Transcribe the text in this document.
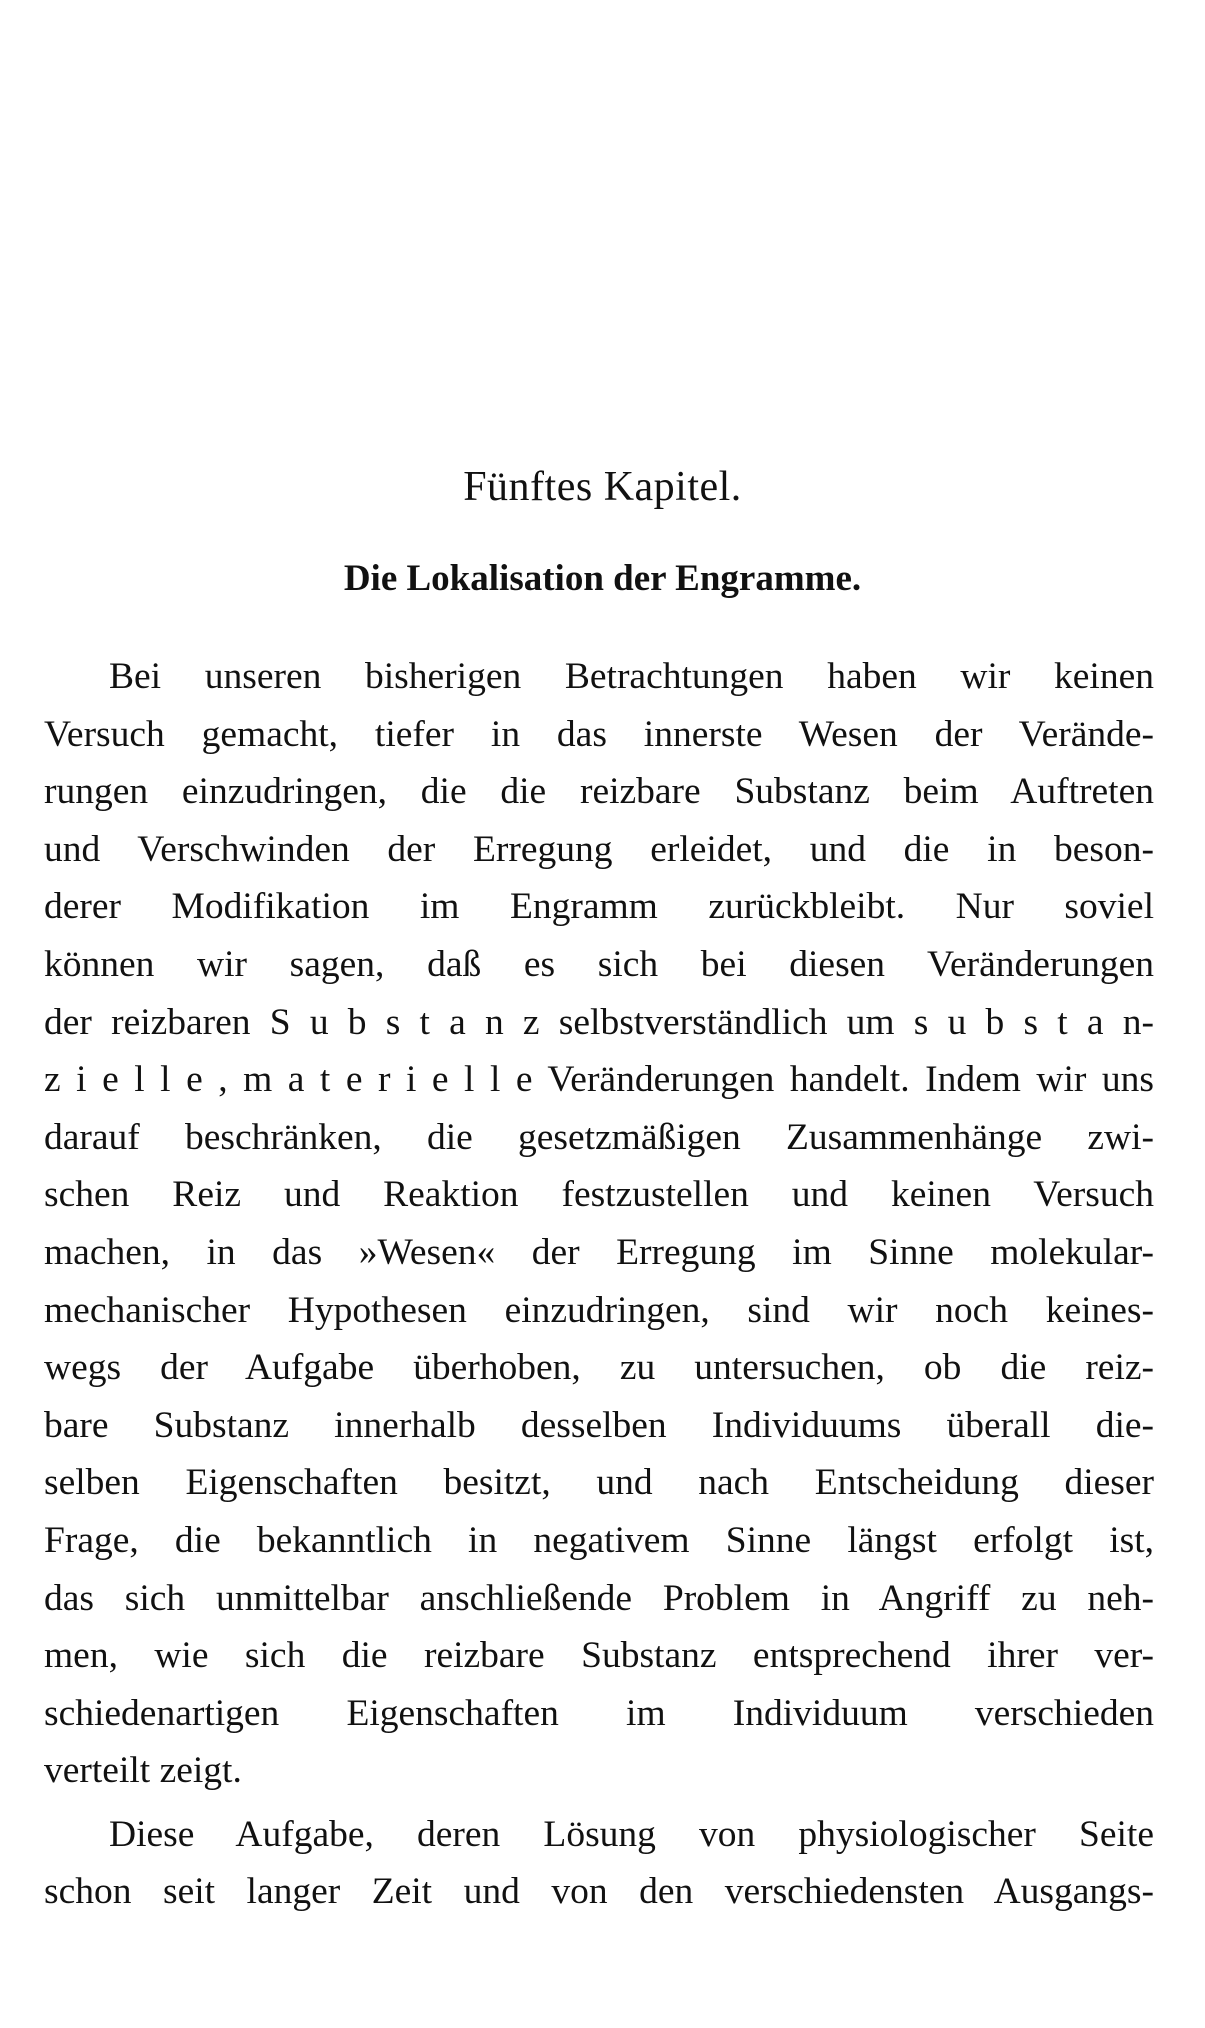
Fünftes Kapitel.
Die Lokalisation der Engramme.
Bei unseren bisherigen Betrachtungen haben wir keinen
Versuch gemacht, tiefer in das innerste Wesen der Verände-
rungen einzudringen, die die reizbare Substanz beim Auftreten
und Verschwinden der Erregung erleidet, und die in beson-
derer Modifikation im Engramm zurückbleibt. Nur soviel
können wir sagen, daß es sich bei diesen Veränderungen
der reizbaren S u b s t a n z selbstverständlich um s u b s t a n-
z i e l l e , m a t e r i e l l e Veränderungen handelt. Indem wir uns
darauf beschränken, die gesetzmäßigen Zusammenhänge zwi-
schen Reiz und Reaktion festzustellen und keinen Versuch
machen, in das »Wesen« der Erregung im Sinne molekular-
mechanischer Hypothesen einzudringen, sind wir noch keines-
wegs der Aufgabe überhoben, zu untersuchen, ob die reiz-
bare Substanz innerhalb desselben Individuums überall die-
selben Eigenschaften besitzt, und nach Entscheidung dieser
Frage, die bekanntlich in negativem Sinne längst erfolgt ist,
das sich unmittelbar anschließende Problem in Angriff zu neh-
men, wie sich die reizbare Substanz entsprechend ihrer ver-
schiedenartigen Eigenschaften im Individuum verschieden
verteilt zeigt.
Diese Aufgabe, deren Lösung von physiologischer Seite
schon seit langer Zeit und von den verschiedensten Ausgangs-
